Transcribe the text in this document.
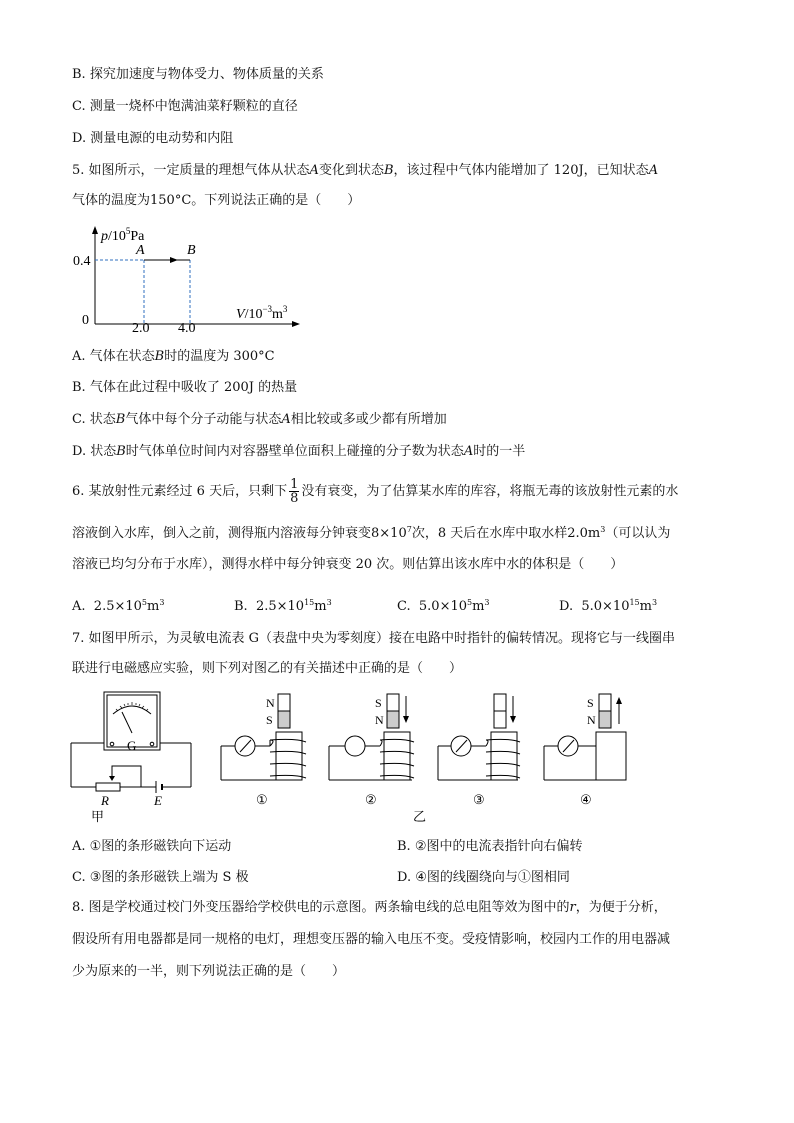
B. 探究加速度与物体受力、物体质量的关系
C. 测量一烧杯中饱满油菜籽颗粒的直径
D. 测量电源的电动势和内阻
5. 如图所示，一定质量的理想气体从状态A变化到状态B，该过程中气体内能增加了 120J，已知状态A
气体的温度为150°C。下列说法正确的是（　　）
$p/10^5Pa$
$V/10^{-3}m^3$
0.4
0
2.0 4.0
A	B
A. 气体在状态B时的温度为 300°C
B. 气体在此过程中吸收了 200J 的热量
C. 状态B气体中每个分子动能与状态A相比较或多或少都有所增加
D. 状态B时气体单位时间内对容器壁单位面积上碰撞的分子数为状态A时的一半
6. 某放射性元素经过 6 天后，只剩下 $\frac{1}{8}$ 没有衰变，为了估算某水库的库容，将瓶无毒的该放射性元素的水
溶液倒入水库，倒入之前，测得瓶内溶液每分钟衰变$8\times 10^7$次，8 天后在水库中取水样$2.0m^3$（可以认为
溶液已均匀分布于水库），测得水样中每分钟衰变 20 次。则估算出该水库中水的体积是（　　）
A. $2.5\times 10^5m^3$	B. $2.5\times 10^{15}m^3$	C. $5.0\times 10^5m^3$	D. $5.0\times 10^{15}m^3$
7. 如图甲所示，为灵敏电流表 G（表盘中央为零刻度）接在电路中时指针的偏转情况。现将它与一线圈串
联进行电磁感应实验，则下列对图乙的有关描述中正确的是（　　）
G
R	E
甲
N
S
①
S
N
②
乙
③
S
N
④
A. ①图的条形磁铁向下运动	B. ②图中的电流表指针向右偏转
C. ③图的条形磁铁上端为 S 极	D. ④图的线圈绕向与①图相同
8. 图是学校通过校门外变压器给学校供电的示意图。两条输电线的总电阻等效为图中的r，为便于分析，
假设所有用电器都是同一规格的电灯，理想变压器的输入电压不变。受疫情影响，校园内工作的用电器减
少为原来的一半，则下列说法正确的是（　　）
